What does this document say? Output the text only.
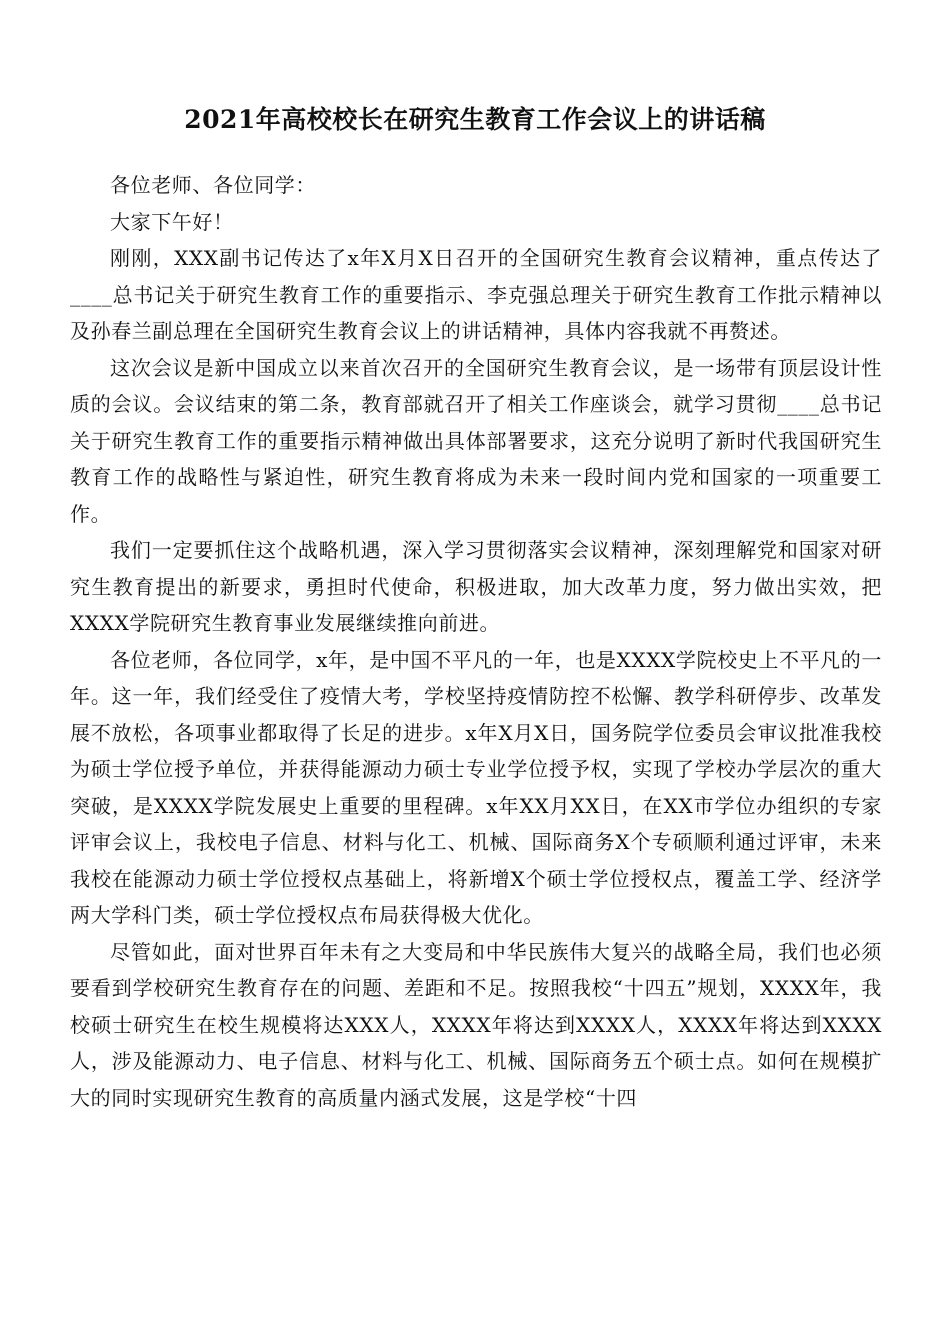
2021年高校校长在研究生教育工作会议上的讲话稿

各位老师、各位同学：

大家下午好！

刚刚，XXX副书记传达了x年X月X日召开的全国研究生教育会议精神，重点传达了____总书记关于研究生教育工作的重要指示、李克强总理关于研究生教育工作批示精神以及孙春兰副总理在全国研究生教育会议上的讲话精神，具体内容我就不再赘述。

这次会议是新中国成立以来首次召开的全国研究生教育会议，是一场带有顶层设计性质的会议。会议结束的第二条，教育部就召开了相关工作座谈会，就学习贯彻____总书记关于研究生教育工作的重要指示精神做出具体部署要求，这充分说明了新时代我国研究生教育工作的战略性与紧迫性，研究生教育将成为未来一段时间内党和国家的一项重要工作。

我们一定要抓住这个战略机遇，深入学习贯彻落实会议精神，深刻理解党和国家对研究生教育提出的新要求，勇担时代使命，积极进取，加大改革力度，努力做出实效，把XXXX学院研究生教育事业发展继续推向前进。

各位老师，各位同学，x年，是中国不平凡的一年，也是XXXX学院校史上不平凡的一年。这一年，我们经受住了疫情大考，学校坚持疫情防控不松懈、教学科研停步、改革发展不放松，各项事业都取得了长足的进步。x年X月X日，国务院学位委员会审议批准我校为硕士学位授予单位，并获得能源动力硕士专业学位授予权，实现了学校办学层次的重大突破，是XXXX学院发展史上重要的里程碑。x年XX月XX日，在XX市学位办组织的专家评审会议上，我校电子信息、材料与化工、机械、国际商务X个专硕顺利通过评审，未来我校在能源动力硕士学位授权点基础上，将新增X个硕士学位授权点，覆盖工学、经济学两大学科门类，硕士学位授权点布局获得极大优化。

尽管如此，面对世界百年未有之大变局和中华民族伟大复兴的战略全局，我们也必须要看到学校研究生教育存在的问题、差距和不足。按照我校“十四五”规划，XXXX年，我校硕士研究生在校生规模将达XXX人，XXXX年将达到XXXX人，XXXX年将达到XXXX人，涉及能源动力、电子信息、材料与化工、机械、国际商务五个硕士点。如何在规模扩大的同时实现研究生教育的高质量内涵式发展，这是学校“十四
